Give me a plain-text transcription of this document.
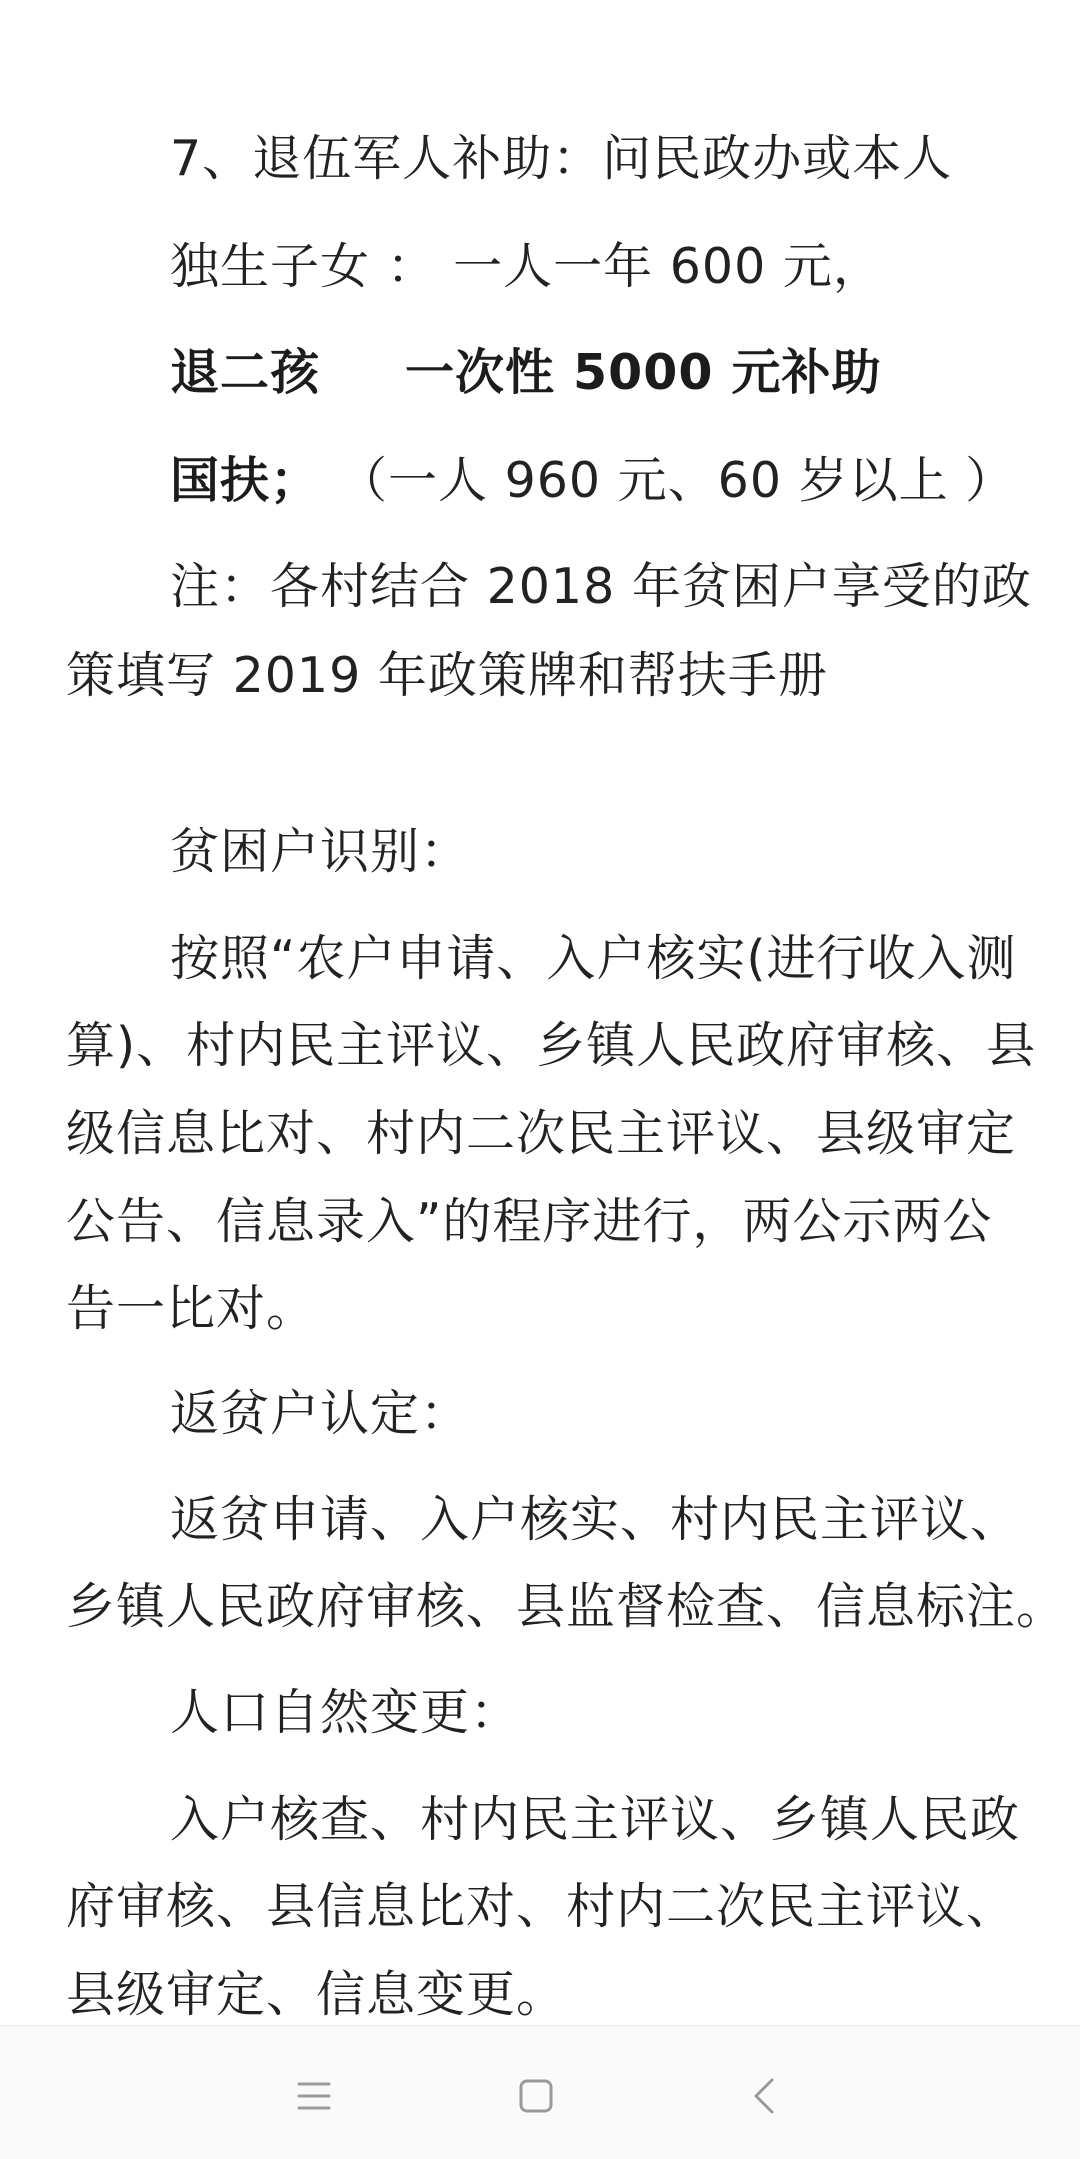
7、退伍军人补助：问民政办或本人
独生子女 ： 一人一年 600 元，
退二孩 一次性 5000 元补助
国扶； （一人 960 元、60 岁以上 ）
注：各村结合 2018 年贫困户享受的政
策填写 2019 年政策牌和帮扶手册
贫困户识别：
按照“农户申请、入户核实(进行收入测
算)、村内民主评议、乡镇人民政府审核、县
级信息比对、村内二次民主评议、县级审定
公告、信息录入”的程序进行，两公示两公
告一比对。
返贫户认定：
返贫申请、入户核实、村内民主评议、
乡镇人民政府审核、县监督检查、信息标注。
人口自然变更：
入户核查、村内民主评议、乡镇人民政
府审核、县信息比对、村内二次民主评议、
县级审定、信息变更。
